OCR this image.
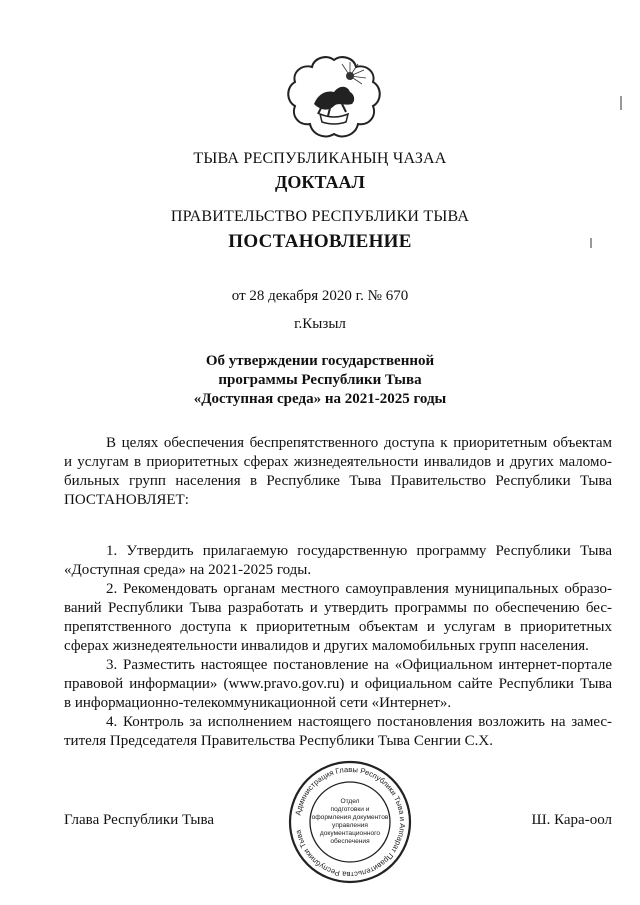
ТЫВА РЕСПУБЛИКАНЫҢ ЧАЗАА
ДОКТААЛ
ПРАВИТЕЛЬСТВО РЕСПУБЛИКИ ТЫВА
ПОСТАНОВЛЕНИЕ
от 28 декабря 2020 г. № 670
г.Кызыл
Об утверждении государственной
программы Республики Тыва
«Доступная среда» на 2021-2025 годы
В целях обеспечения беспрепятственного доступа к приоритетным объектам
и услугам в приоритетных сферах жизнедеятельности инвалидов и других маломо-
бильных групп населения в Республике Тыва Правительство Республики Тыва
ПОСТАНОВЛЯЕТ:
1. Утвердить прилагаемую государственную программу Республики Тыва
«Доступная среда» на 2021-2025 годы.
2. Рекомендовать органам местного самоуправления муниципальных образо-
ваний Республики Тыва разработать и утвердить программы по обеспечению бес-
препятственного доступа к приоритетным объектам и услугам в приоритетных
сферах жизнедеятельности инвалидов и других маломобильных групп населения.
3. Разместить настоящее постановление на «Официальном интернет-портале
правовой информации» (www.pravo.gov.ru) и официальном сайте Республики Тыва
в информационно-телекоммуникационной сети «Интернет».
4. Контроль за исполнением настоящего постановления возложить на замес-
тителя Председателя Правительства Республики Тыва Сенгии С.Х.
Глава Республики Тыва	Ш. Кара-оол
Администрация Главы Республики Тыва и Аппарат Правительства Республики Тыва
Отдел
подготовки и
оформления документов
управления
документационного
обеспечения
